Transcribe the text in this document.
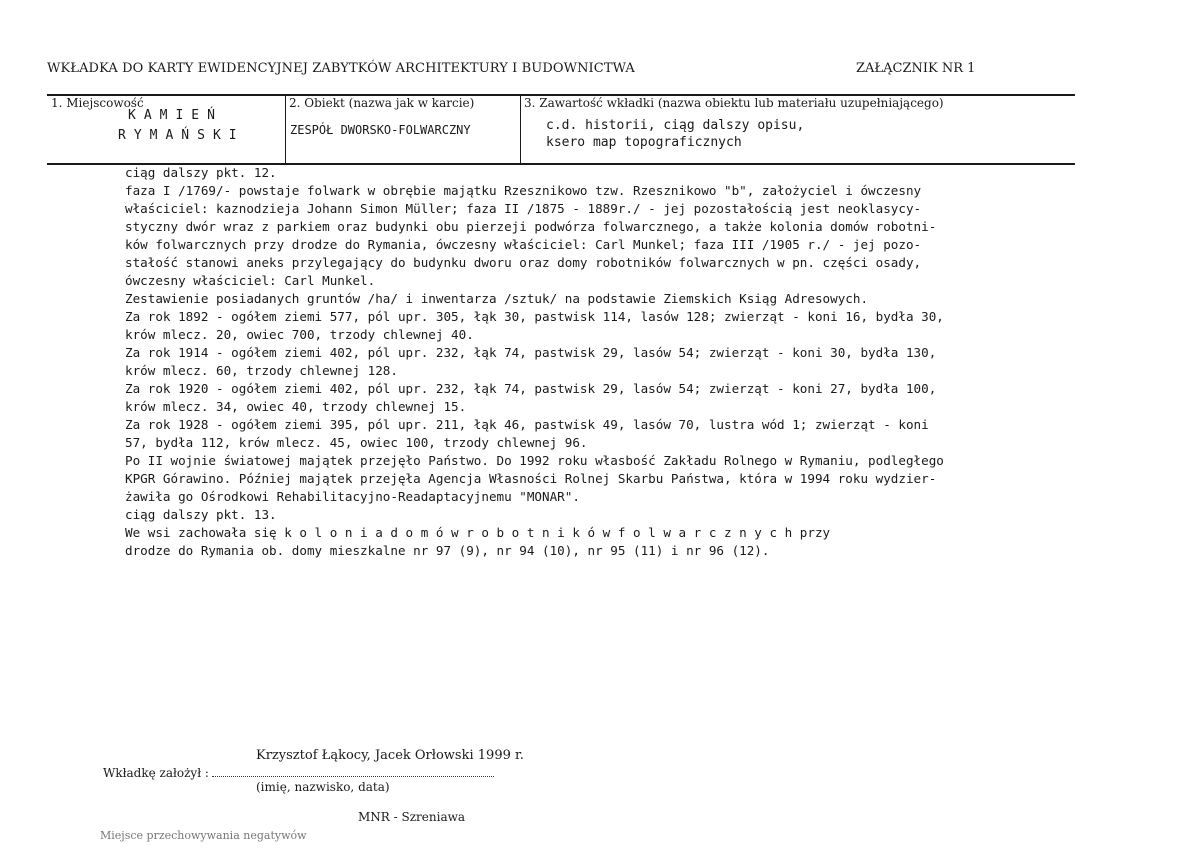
WKŁADKA DO KARTY EWIDENCYJNEJ ZABYTKÓW ARCHITEKTURY I BUDOWNICTWA	ZAŁĄCZNIK NR 1
1. Miejscowość
KAMIEŃ
RYMAŃSKI
2. Obiekt (nazwa jak w karcie)
ZESPÓŁ DWORSKO-FOLWARCZNY
3. Zawartość wkładki (nazwa obiektu lub materiału uzupełniającego)
c.d. historii, ciąg dalszy opisu,
ksero map topograficznych

ciąg dalszy pkt. 12.

faza I /1769/- powstaje folwark w obrębie majątku Rzesznikowo tzw. Rzesznikowo "b", założyciel i ówczesny

właściciel: kaznodzieja Johann Simon Müller; faza II /1875 - 1889r./ - jej pozostałością jest neoklasycy-

styczny dwór wraz z parkiem oraz budynki obu pierzeji podwórza folwarcznego, a także kolonia domów robotni-

ków folwarcznych przy drodze do Rymania, ówczesny właściciel: Carl Munkel; faza III /1905 r./ - jej pozo-

stałość stanowi aneks przylegający do budynku dworu oraz domy robotników folwarcznych w pn. części osady,

ówczesny właściciel: Carl Munkel.

Zestawienie posiadanych gruntów /ha/ i inwentarza /sztuk/ na podstawie Ziemskich Ksiąg Adresowych.

Za rok 1892 - ogółem ziemi 577, pól upr. 305, łąk 30, pastwisk 114, lasów 128; zwierząt - koni 16, bydła 30,

krów mlecz. 20, owiec 700, trzody chlewnej 40.

Za rok 1914 - ogółem ziemi 402, pól upr. 232, łąk 74, pastwisk 29, lasów 54; zwierząt - koni 30, bydła 130,

krów mlecz. 60, trzody chlewnej 128.

Za rok 1920 - ogółem ziemi 402, pól upr. 232, łąk 74, pastwisk 29, lasów 54; zwierząt - koni 27, bydła 100,

krów mlecz. 34, owiec 40, trzody chlewnej 15.

Za rok 1928 - ogółem ziemi 395, pól upr. 211, łąk 46, pastwisk 49, lasów 70, lustra wód 1; zwierząt - koni

57, bydła 112, krów mlecz. 45, owiec 100, trzody chlewnej 96.

Po II wojnie światowej majątek przejęło Państwo. Do 1992 roku własbość Zakładu Rolnego w Rymaniu, podległego

KPGR Górawino. Później majątek przejęła Agencja Własności Rolnej Skarbu Państwa, która w 1994 roku wydzier-

żawiła go Ośrodkowi Rehabilitacyjno-Readaptacyjnemu "MONAR".

ciąg dalszy pkt. 13.

We wsi zachowała się k o l o n i a d o m ó w r o b o t n i k ó w f o l w a r c z n y c h przy

drodze do Rymania ob. domy mieszkalne nr 97 (9), nr 94 (10), nr 95 (11) i nr 96 (12).

Krzysztof Łąkocy, Jacek Orłowski 1999 r.
Wkładkę założył :
(imię, nazwisko, data)
MNR - Szreniawa
Miejsce przechowywania negatywów
